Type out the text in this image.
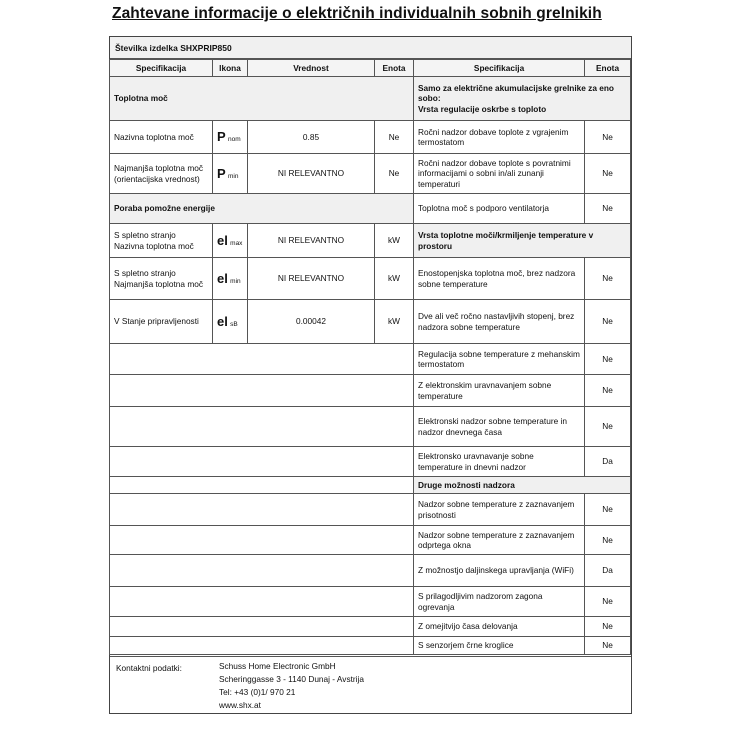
Zahtevane informacije o električnih individualnih sobnih grelnikih
Številka izdelka SHXPRIP850
Specifikacija	Ikona	Vrednost	Enota
Toplotna moč			
Nazivna toplotna moč	P nom	0.85	Ne
Najmanjša toplotna moč (orientacijska vrednost)	P min	NI RELEVANTNO	Ne
Poraba pomožne energije			
S spletno stranjo Nazivna toplotna moč	el max	NI RELEVANTNO	kW
S spletno stranjo Najmanjša toplotna moč	el min	NI RELEVANTNO	kW
V Stanje pripravljenosti	el sB	0.00042	kW

Specifikacija	Enota

Samo za električne akumulacijske grelnike za eno sobo:
Vrsta regulacije oskrbe s toploto	

Ročni nadzor dobave toplote z vgrajenim termostatom	Ne
Ročni nadzor dobave toplote s povratnimi informacijami o sobni in/ali zunanji temperaturi	Ne
Toplotna moč s podporo ventilatorja	Ne
Vrsta toplotne moči/krmiljenje temperature v prostoru	
Enostopenjska toplotna moč, brez nadzora sobne temperature	Ne
Dve ali več ročno nastavljivih stopenj, brez nadzora sobne temperature	Ne
Regulacija sobne temperature z mehanskim termostatom	Ne
Z elektronskim uravnavanjem sobne temperature	Ne
Elektronski nadzor sobne temperature in nadzor dnevnega časa	Ne
Elektronsko uravnavanje sobne temperature in dnevni nadzor	Da
Druge možnosti nadzora	
Nadzor sobne temperature z zaznavanjem prisotnosti	Ne
Nadzor sobne temperature z zaznavanjem odprtega okna	Ne
Z možnostjo daljinskega upravljanja (WiFi)	Da
S prilagodljivim nadzorom zagona ogrevanja	Ne
Z omejitvijo časa delovanja	Ne
S senzorjem črne kroglice	Ne
Kontaktni podatki:	Schuss Home Electronic GmbH
Scheringgasse 3 - 1140 Dunaj - Avstrija
Tel: +43 (0)1/ 970 21
www.shx.at
